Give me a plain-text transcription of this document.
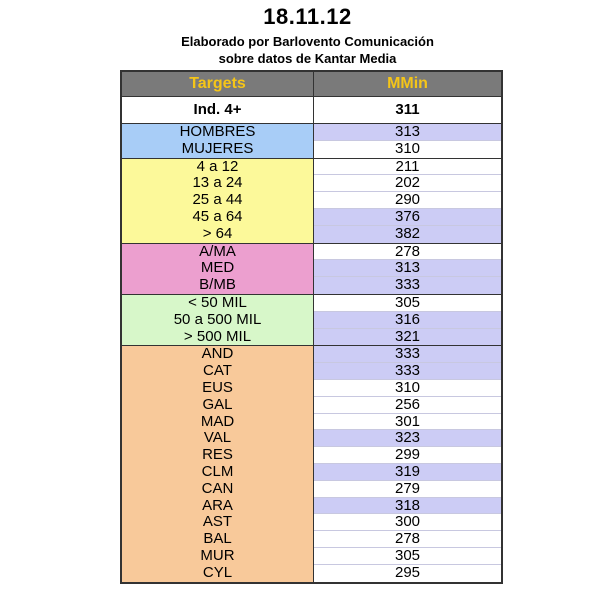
18.11.12
Elaborado por Barlovento Comunicación
sobre datos de Kantar Media
Targets	MMin
Ind. 4+	311
HOMBRES
MUJERES
313
310
4 a 12
13 a 24
25 a 44
45 a 64
> 64
211
202
290
376
382
A/MA
MED
B/MB
278
313
333
< 50 MIL
50 a 500 MIL
> 500 MIL
305
316
321
AND
CAT
EUS
GAL
MAD
VAL
RES
CLM
CAN
ARA
AST
BAL
MUR
CYL
333
333
310
256
301
323
299
319
279
318
300
278
305
295
